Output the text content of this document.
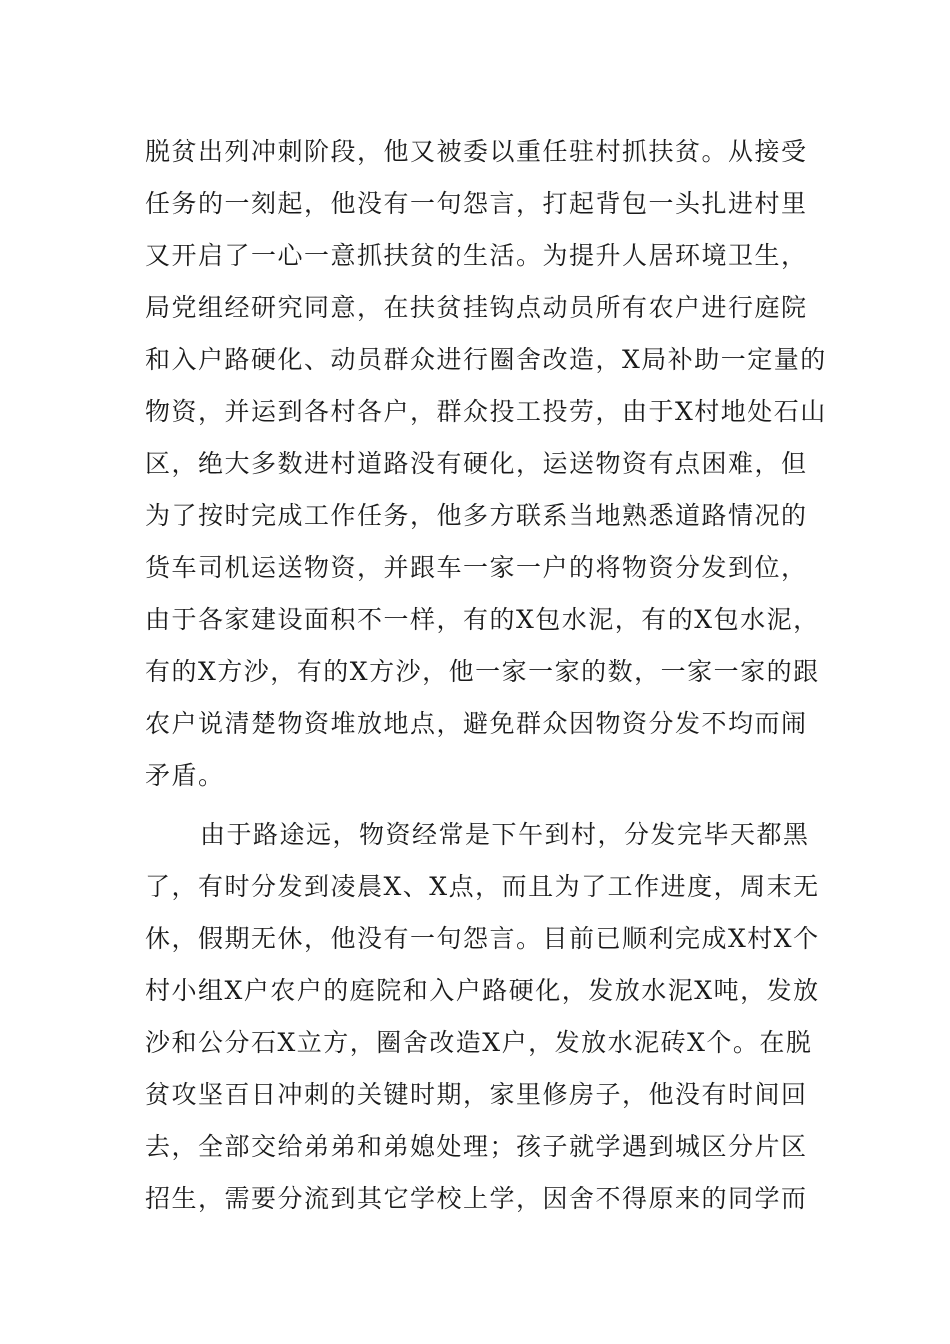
脱贫出列冲刺阶段，他又被委以重任驻村抓扶贫。从接受
任务的一刻起，他没有一句怨言，打起背包一头扎进村里
又开启了一心一意抓扶贫的生活。为提升人居环境卫生，
局党组经研究同意，在扶贫挂钩点动员所有农户进行庭院
和入户路硬化、动员群众进行圈舍改造，X局补助一定量的
物资，并运到各村各户，群众投工投劳，由于X村地处石山
区，绝大多数进村道路没有硬化，运送物资有点困难，但
为了按时完成工作任务，他多方联系当地熟悉道路情况的
货车司机运送物资，并跟车一家一户的将物资分发到位，
由于各家建设面积不一样，有的X包水泥，有的X包水泥，
有的X方沙，有的X方沙，他一家一家的数，一家一家的跟
农户说清楚物资堆放地点，避免群众因物资分发不均而闹
矛盾。
由于路途远，物资经常是下午到村，分发完毕天都黑
了，有时分发到凌晨X、X点，而且为了工作进度，周末无
休，假期无休，他没有一句怨言。目前已顺利完成X村X个
村小组X户农户的庭院和入户路硬化，发放水泥X吨，发放
沙和公分石X立方，圈舍改造X户，发放水泥砖X个。在脱
贫攻坚百日冲刺的关键时期，家里修房子，他没有时间回
去，全部交给弟弟和弟媳处理；孩子就学遇到城区分片区
招生，需要分流到其它学校上学，因舍不得原来的同学而
